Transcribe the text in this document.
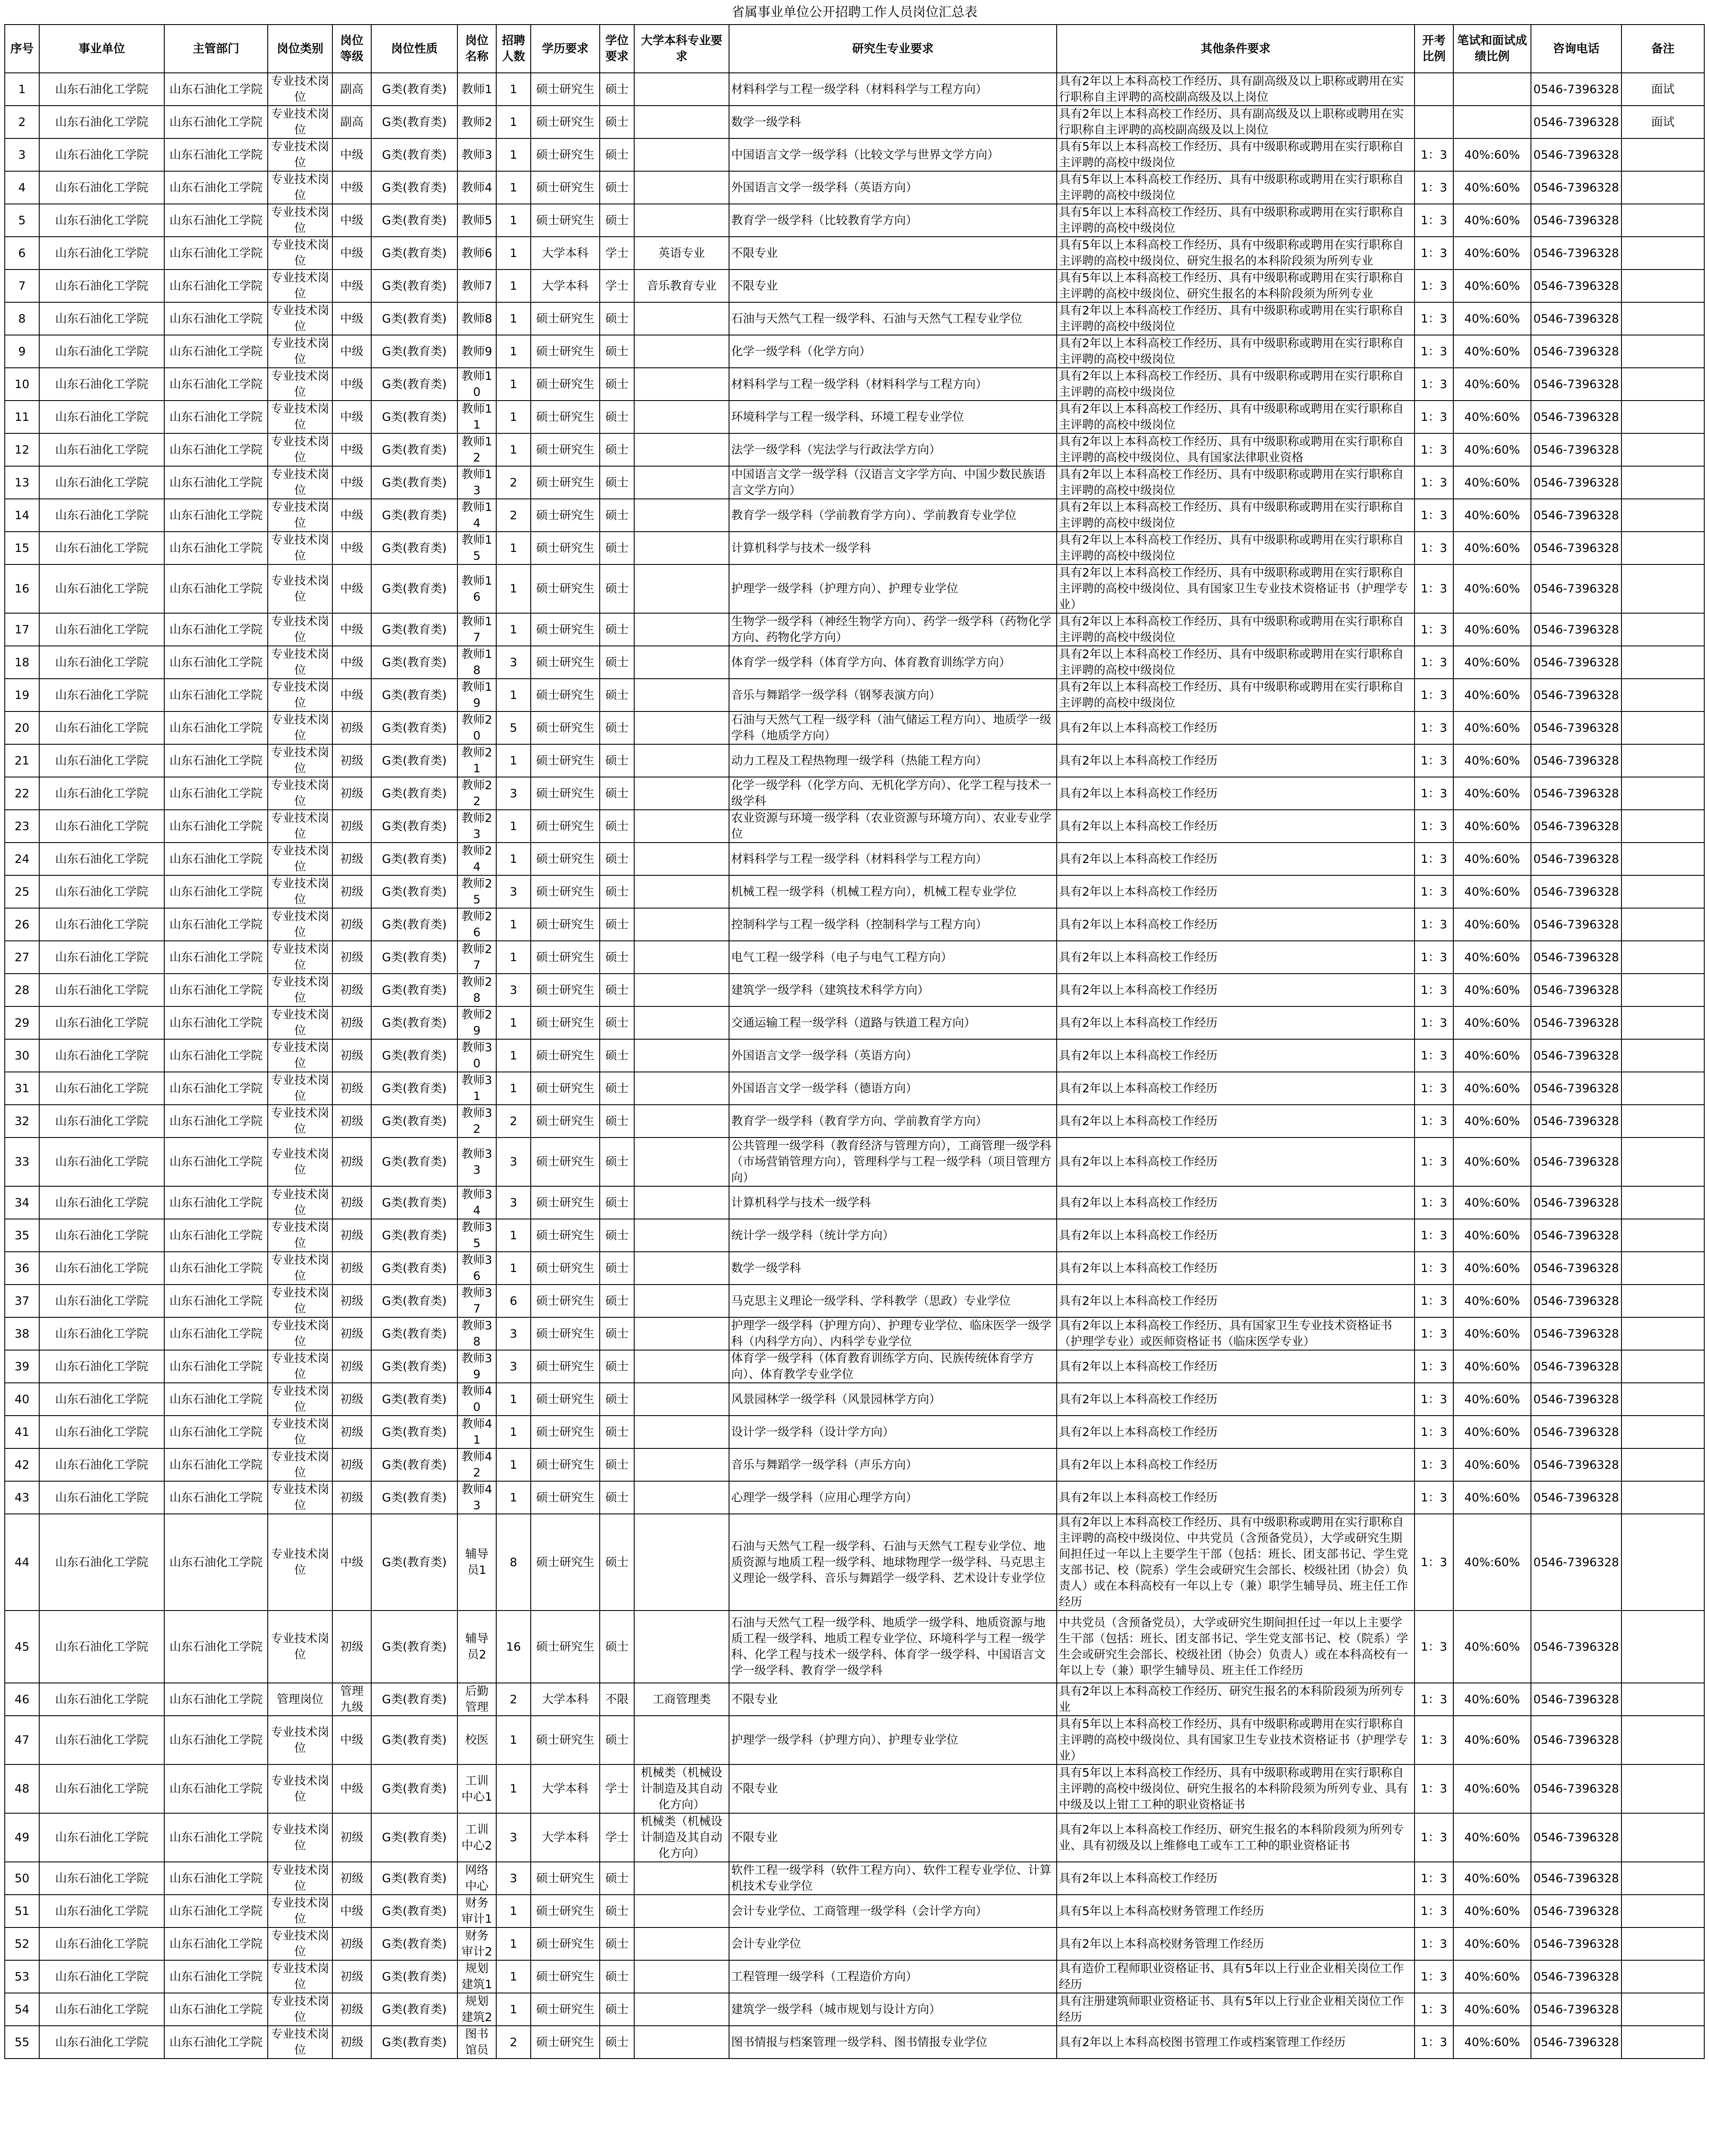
省属事业单位公开招聘工作人员岗位汇总表
序号	事业单位	主管部门	岗位类别	岗位等级	岗位性质	岗位名称	招聘人数	学历要求	学位要求	大学本科专业要求	研究生专业要求	其他条件要求	开考比例	笔试和面试成绩比例	咨询电话	备注
1	山东石油化工学院	山东石油化工学院	专业技术岗位	副高	G类(教育类)	教师1	1	硕士研究生	硕士		材料科学与工程一级学科（材料科学与工程方向）	具有2年以上本科高校工作经历、具有副高级及以上职称或聘用在实行职称自主评聘的高校副高级及以上岗位			0546-7396328	面试
2	山东石油化工学院	山东石油化工学院	专业技术岗位	副高	G类(教育类)	教师2	1	硕士研究生	硕士		数学一级学科	具有2年以上本科高校工作经历、具有副高级及以上职称或聘用在实行职称自主评聘的高校副高级及以上岗位			0546-7396328	面试
3	山东石油化工学院	山东石油化工学院	专业技术岗位	中级	G类(教育类)	教师3	1	硕士研究生	硕士		中国语言文学一级学科（比较文学与世界文学方向）	具有5年以上本科高校工作经历、具有中级职称或聘用在实行职称自主评聘的高校中级岗位	1：3	40%:60%	0546-7396328	
4	山东石油化工学院	山东石油化工学院	专业技术岗位	中级	G类(教育类)	教师4	1	硕士研究生	硕士		外国语言文学一级学科（英语方向）	具有5年以上本科高校工作经历、具有中级职称或聘用在实行职称自主评聘的高校中级岗位	1：3	40%:60%	0546-7396328	
5	山东石油化工学院	山东石油化工学院	专业技术岗位	中级	G类(教育类)	教师5	1	硕士研究生	硕士		教育学一级学科（比较教育学方向）	具有5年以上本科高校工作经历、具有中级职称或聘用在实行职称自主评聘的高校中级岗位	1：3	40%:60%	0546-7396328	
6	山东石油化工学院	山东石油化工学院	专业技术岗位	中级	G类(教育类)	教师6	1	大学本科	学士	英语专业	不限专业	具有5年以上本科高校工作经历、具有中级职称或聘用在实行职称自主评聘的高校中级岗位、研究生报名的本科阶段须为所列专业	1：3	40%:60%	0546-7396328	
7	山东石油化工学院	山东石油化工学院	专业技术岗位	中级	G类(教育类)	教师7	1	大学本科	学士	音乐教育专业	不限专业	具有5年以上本科高校工作经历、具有中级职称或聘用在实行职称自主评聘的高校中级岗位、研究生报名的本科阶段须为所列专业	1：3	40%:60%	0546-7396328	
8	山东石油化工学院	山东石油化工学院	专业技术岗位	中级	G类(教育类)	教师8	1	硕士研究生	硕士		石油与天然气工程一级学科、石油与天然气工程专业学位	具有2年以上本科高校工作经历、具有中级职称或聘用在实行职称自主评聘的高校中级岗位	1：3	40%:60%	0546-7396328	
9	山东石油化工学院	山东石油化工学院	专业技术岗位	中级	G类(教育类)	教师9	1	硕士研究生	硕士		化学一级学科（化学方向）	具有2年以上本科高校工作经历、具有中级职称或聘用在实行职称自主评聘的高校中级岗位	1：3	40%:60%	0546-7396328	
10	山东石油化工学院	山东石油化工学院	专业技术岗位	中级	G类(教育类)	教师10	1	硕士研究生	硕士		材料科学与工程一级学科（材料科学与工程方向）	具有2年以上本科高校工作经历、具有中级职称或聘用在实行职称自主评聘的高校中级岗位	1：3	40%:60%	0546-7396328	
11	山东石油化工学院	山东石油化工学院	专业技术岗位	中级	G类(教育类)	教师11	1	硕士研究生	硕士		环境科学与工程一级学科、环境工程专业学位	具有2年以上本科高校工作经历、具有中级职称或聘用在实行职称自主评聘的高校中级岗位	1：3	40%:60%	0546-7396328	
12	山东石油化工学院	山东石油化工学院	专业技术岗位	中级	G类(教育类)	教师12	1	硕士研究生	硕士		法学一级学科（宪法学与行政法学方向）	具有2年以上本科高校工作经历、具有中级职称或聘用在实行职称自主评聘的高校中级岗位、具有国家法律职业资格	1：3	40%:60%	0546-7396328	
13	山东石油化工学院	山东石油化工学院	专业技术岗位	中级	G类(教育类)	教师13	2	硕士研究生	硕士		中国语言文学一级学科（汉语言文字学方向、中国少数民族语言文学方向）	具有2年以上本科高校工作经历、具有中级职称或聘用在实行职称自主评聘的高校中级岗位	1：3	40%:60%	0546-7396328	
14	山东石油化工学院	山东石油化工学院	专业技术岗位	中级	G类(教育类)	教师14	2	硕士研究生	硕士		教育学一级学科（学前教育学方向）、学前教育专业学位	具有2年以上本科高校工作经历、具有中级职称或聘用在实行职称自主评聘的高校中级岗位	1：3	40%:60%	0546-7396328	
15	山东石油化工学院	山东石油化工学院	专业技术岗位	中级	G类(教育类)	教师15	1	硕士研究生	硕士		计算机科学与技术一级学科	具有2年以上本科高校工作经历、具有中级职称或聘用在实行职称自主评聘的高校中级岗位	1：3	40%:60%	0546-7396328	
16	山东石油化工学院	山东石油化工学院	专业技术岗位	中级	G类(教育类)	教师16	1	硕士研究生	硕士		护理学一级学科（护理方向）、护理专业学位	具有2年以上本科高校工作经历、具有中级职称或聘用在实行职称自主评聘的高校中级岗位、具有国家卫生专业技术资格证书（护理学专业）	1：3	40%:60%	0546-7396328	
17	山东石油化工学院	山东石油化工学院	专业技术岗位	中级	G类(教育类)	教师17	1	硕士研究生	硕士		生物学一级学科（神经生物学方向）、药学一级学科（药物化学方向、药物化学方向）	具有2年以上本科高校工作经历、具有中级职称或聘用在实行职称自主评聘的高校中级岗位	1：3	40%:60%	0546-7396328	
18	山东石油化工学院	山东石油化工学院	专业技术岗位	中级	G类(教育类)	教师18	3	硕士研究生	硕士		体育学一级学科（体育学方向、体育教育训练学方向）	具有2年以上本科高校工作经历、具有中级职称或聘用在实行职称自主评聘的高校中级岗位	1：3	40%:60%	0546-7396328	
19	山东石油化工学院	山东石油化工学院	专业技术岗位	中级	G类(教育类)	教师19	1	硕士研究生	硕士		音乐与舞蹈学一级学科（钢琴表演方向）	具有2年以上本科高校工作经历、具有中级职称或聘用在实行职称自主评聘的高校中级岗位	1：3	40%:60%	0546-7396328	
20	山东石油化工学院	山东石油化工学院	专业技术岗位	初级	G类(教育类)	教师20	5	硕士研究生	硕士		石油与天然气工程一级学科（油气储运工程方向）、地质学一级学科（地质学方向）	具有2年以上本科高校工作经历	1：3	40%:60%	0546-7396328	
21	山东石油化工学院	山东石油化工学院	专业技术岗位	初级	G类(教育类)	教师21	1	硕士研究生	硕士		动力工程及工程热物理一级学科（热能工程方向）	具有2年以上本科高校工作经历	1：3	40%:60%	0546-7396328	
22	山东石油化工学院	山东石油化工学院	专业技术岗位	初级	G类(教育类)	教师22	3	硕士研究生	硕士		化学一级学科（化学方向、无机化学方向）、化学工程与技术一级学科	具有2年以上本科高校工作经历	1：3	40%:60%	0546-7396328	
23	山东石油化工学院	山东石油化工学院	专业技术岗位	初级	G类(教育类)	教师23	1	硕士研究生	硕士		农业资源与环境一级学科（农业资源与环境方向）、农业专业学位	具有2年以上本科高校工作经历	1：3	40%:60%	0546-7396328	
24	山东石油化工学院	山东石油化工学院	专业技术岗位	初级	G类(教育类)	教师24	1	硕士研究生	硕士		材料科学与工程一级学科（材料科学与工程方向）	具有2年以上本科高校工作经历	1：3	40%:60%	0546-7396328	
25	山东石油化工学院	山东石油化工学院	专业技术岗位	初级	G类(教育类)	教师25	3	硕士研究生	硕士		机械工程一级学科（机械工程方向），机械工程专业学位	具有2年以上本科高校工作经历	1：3	40%:60%	0546-7396328	
26	山东石油化工学院	山东石油化工学院	专业技术岗位	初级	G类(教育类)	教师26	1	硕士研究生	硕士		控制科学与工程一级学科（控制科学与工程方向）	具有2年以上本科高校工作经历	1：3	40%:60%	0546-7396328	
27	山东石油化工学院	山东石油化工学院	专业技术岗位	初级	G类(教育类)	教师27	1	硕士研究生	硕士		电气工程一级学科（电子与电气工程方向）	具有2年以上本科高校工作经历	1：3	40%:60%	0546-7396328	
28	山东石油化工学院	山东石油化工学院	专业技术岗位	初级	G类(教育类)	教师28	3	硕士研究生	硕士		建筑学一级学科（建筑技术科学方向）	具有2年以上本科高校工作经历	1：3	40%:60%	0546-7396328	
29	山东石油化工学院	山东石油化工学院	专业技术岗位	初级	G类(教育类)	教师29	1	硕士研究生	硕士		交通运输工程一级学科（道路与铁道工程方向）	具有2年以上本科高校工作经历	1：3	40%:60%	0546-7396328	
30	山东石油化工学院	山东石油化工学院	专业技术岗位	初级	G类(教育类)	教师30	1	硕士研究生	硕士		外国语言文学一级学科（英语方向）	具有2年以上本科高校工作经历	1：3	40%:60%	0546-7396328	
31	山东石油化工学院	山东石油化工学院	专业技术岗位	初级	G类(教育类)	教师31	1	硕士研究生	硕士		外国语言文学一级学科（德语方向）	具有2年以上本科高校工作经历	1：3	40%:60%	0546-7396328	
32	山东石油化工学院	山东石油化工学院	专业技术岗位	初级	G类(教育类)	教师32	2	硕士研究生	硕士		教育学一级学科（教育学方向、学前教育学方向）	具有2年以上本科高校工作经历	1：3	40%:60%	0546-7396328	
33	山东石油化工学院	山东石油化工学院	专业技术岗位	初级	G类(教育类)	教师33	3	硕士研究生	硕士		公共管理一级学科（教育经济与管理方向），工商管理一级学科（市场营销管理方向），管理科学与工程一级学科（项目管理方向）	具有2年以上本科高校工作经历	1：3	40%:60%	0546-7396328	
34	山东石油化工学院	山东石油化工学院	专业技术岗位	初级	G类(教育类)	教师34	3	硕士研究生	硕士		计算机科学与技术一级学科	具有2年以上本科高校工作经历	1：3	40%:60%	0546-7396328	
35	山东石油化工学院	山东石油化工学院	专业技术岗位	初级	G类(教育类)	教师35	1	硕士研究生	硕士		统计学一级学科（统计学方向）	具有2年以上本科高校工作经历	1：3	40%:60%	0546-7396328	
36	山东石油化工学院	山东石油化工学院	专业技术岗位	初级	G类(教育类)	教师36	1	硕士研究生	硕士		数学一级学科	具有2年以上本科高校工作经历	1：3	40%:60%	0546-7396328	
37	山东石油化工学院	山东石油化工学院	专业技术岗位	初级	G类(教育类)	教师37	6	硕士研究生	硕士		马克思主义理论一级学科、学科教学（思政）专业学位	具有2年以上本科高校工作经历	1：3	40%:60%	0546-7396328	
38	山东石油化工学院	山东石油化工学院	专业技术岗位	初级	G类(教育类)	教师38	3	硕士研究生	硕士		护理学一级学科（护理方向）、护理专业学位、临床医学一级学科（内科学方向）、内科学专业学位	具有2年以上本科高校工作经历、具有国家卫生专业技术资格证书（护理学专业）或医师资格证书（临床医学专业）	1：3	40%:60%	0546-7396328	
39	山东石油化工学院	山东石油化工学院	专业技术岗位	初级	G类(教育类)	教师39	3	硕士研究生	硕士		体育学一级学科（体育教育训练学方向、民族传统体育学方向）、体育教学专业学位	具有2年以上本科高校工作经历	1：3	40%:60%	0546-7396328	
40	山东石油化工学院	山东石油化工学院	专业技术岗位	初级	G类(教育类)	教师40	1	硕士研究生	硕士		风景园林学一级学科（风景园林学方向）	具有2年以上本科高校工作经历	1：3	40%:60%	0546-7396328	
41	山东石油化工学院	山东石油化工学院	专业技术岗位	初级	G类(教育类)	教师41	1	硕士研究生	硕士		设计学一级学科（设计学方向）	具有2年以上本科高校工作经历	1：3	40%:60%	0546-7396328	
42	山东石油化工学院	山东石油化工学院	专业技术岗位	初级	G类(教育类)	教师42	1	硕士研究生	硕士		音乐与舞蹈学一级学科（声乐方向）	具有2年以上本科高校工作经历	1：3	40%:60%	0546-7396328	
43	山东石油化工学院	山东石油化工学院	专业技术岗位	初级	G类(教育类)	教师43	1	硕士研究生	硕士		心理学一级学科（应用心理学方向）	具有2年以上本科高校工作经历	1：3	40%:60%	0546-7396328	
44	山东石油化工学院	山东石油化工学院	专业技术岗位	中级	G类(教育类)	辅导员1	8	硕士研究生	硕士		石油与天然气工程一级学科、石油与天然气工程专业学位、地质资源与地质工程一级学科、地球物理学一级学科、马克思主义理论一级学科、音乐与舞蹈学一级学科、艺术设计专业学位	具有2年以上本科高校工作经历、具有中级职称或聘用在实行职称自主评聘的高校中级岗位、中共党员（含预备党员），大学或研究生期间担任过一年以上主要学生干部（包括：班长、团支部书记、学生党支部书记、校（院系）学生会或研究生会部长、校级社团（协会）负责人）或在本科高校有一年以上专（兼）职学生辅导员、班主任工作经历	1：3	40%:60%	0546-7396328	
45	山东石油化工学院	山东石油化工学院	专业技术岗位	初级	G类(教育类)	辅导员2	16	硕士研究生	硕士		石油与天然气工程一级学科、地质学一级学科、地质资源与地质工程一级学科、地质工程专业学位、环境科学与工程一级学科、化学工程与技术一级学科、体育学一级学科、中国语言文学一级学科、教育学一级学科	中共党员（含预备党员），大学或研究生期间担任过一年以上主要学生干部（包括：班长、团支部书记、学生党支部书记、校（院系）学生会或研究生会部长、校级社团（协会）负责人）或在本科高校有一年以上专（兼）职学生辅导员、班主任工作经历	1：3	40%:60%	0546-7396328	
46	山东石油化工学院	山东石油化工学院	管理岗位	管理九级	G类(教育类)	后勤管理	2	大学本科	不限	工商管理类	不限专业	具有2年以上本科高校工作经历、研究生报名的本科阶段须为所列专业	1：3	40%:60%	0546-7396328	
47	山东石油化工学院	山东石油化工学院	专业技术岗位	中级	G类(教育类)	校医	1	硕士研究生	硕士		护理学一级学科（护理方向）、护理专业学位	具有5年以上本科高校工作经历、具有中级职称或聘用在实行职称自主评聘的高校中级岗位、具有国家卫生专业技术资格证书（护理学专业）	1：3	40%:60%	0546-7396328	
48	山东石油化工学院	山东石油化工学院	专业技术岗位	中级	G类(教育类)	工训中心1	1	大学本科	学士	机械类（机械设计制造及其自动化方向）	不限专业	具有5年以上本科高校工作经历、具有中级职称或聘用在实行职称自主评聘的高校中级岗位、研究生报名的本科阶段须为所列专业、具有中级及以上钳工工种的职业资格证书	1：3	40%:60%	0546-7396328	
49	山东石油化工学院	山东石油化工学院	专业技术岗位	初级	G类(教育类)	工训中心2	3	大学本科	学士	机械类（机械设计制造及其自动化方向）	不限专业	具有2年以上本科高校工作经历、研究生报名的本科阶段须为所列专业、具有初级及以上维修电工或车工工种的职业资格证书	1：3	40%:60%	0546-7396328	
50	山东石油化工学院	山东石油化工学院	专业技术岗位	初级	G类(教育类)	网络中心	3	硕士研究生	硕士		软件工程一级学科（软件工程方向）、软件工程专业学位、计算机技术专业学位	具有2年以上本科高校工作经历	1：3	40%:60%	0546-7396328	
51	山东石油化工学院	山东石油化工学院	专业技术岗位	中级	G类(教育类)	财务审计1	1	硕士研究生	硕士		会计专业学位、工商管理一级学科（会计学方向）	具有5年以上本科高校财务管理工作经历	1：3	40%:60%	0546-7396328	
52	山东石油化工学院	山东石油化工学院	专业技术岗位	初级	G类(教育类)	财务审计2	1	硕士研究生	硕士		会计专业学位	具有2年以上本科高校财务管理工作经历	1：3	40%:60%	0546-7396328	
53	山东石油化工学院	山东石油化工学院	专业技术岗位	初级	G类(教育类)	规划建筑1	1	硕士研究生	硕士		工程管理一级学科（工程造价方向）	具有造价工程师职业资格证书、具有5年以上行业企业相关岗位工作经历	1：3	40%:60%	0546-7396328	
54	山东石油化工学院	山东石油化工学院	专业技术岗位	初级	G类(教育类)	规划建筑2	1	硕士研究生	硕士		建筑学一级学科（城市规划与设计方向）	具有注册建筑师职业资格证书、具有5年以上行业企业相关岗位工作经历	1：3	40%:60%	0546-7396328	
55	山东石油化工学院	山东石油化工学院	专业技术岗位	初级	G类(教育类)	图书馆员	2	硕士研究生	硕士		图书情报与档案管理一级学科、图书情报专业学位	具有2年以上本科高校图书管理工作或档案管理工作经历	1：3	40%:60%	0546-7396328	
